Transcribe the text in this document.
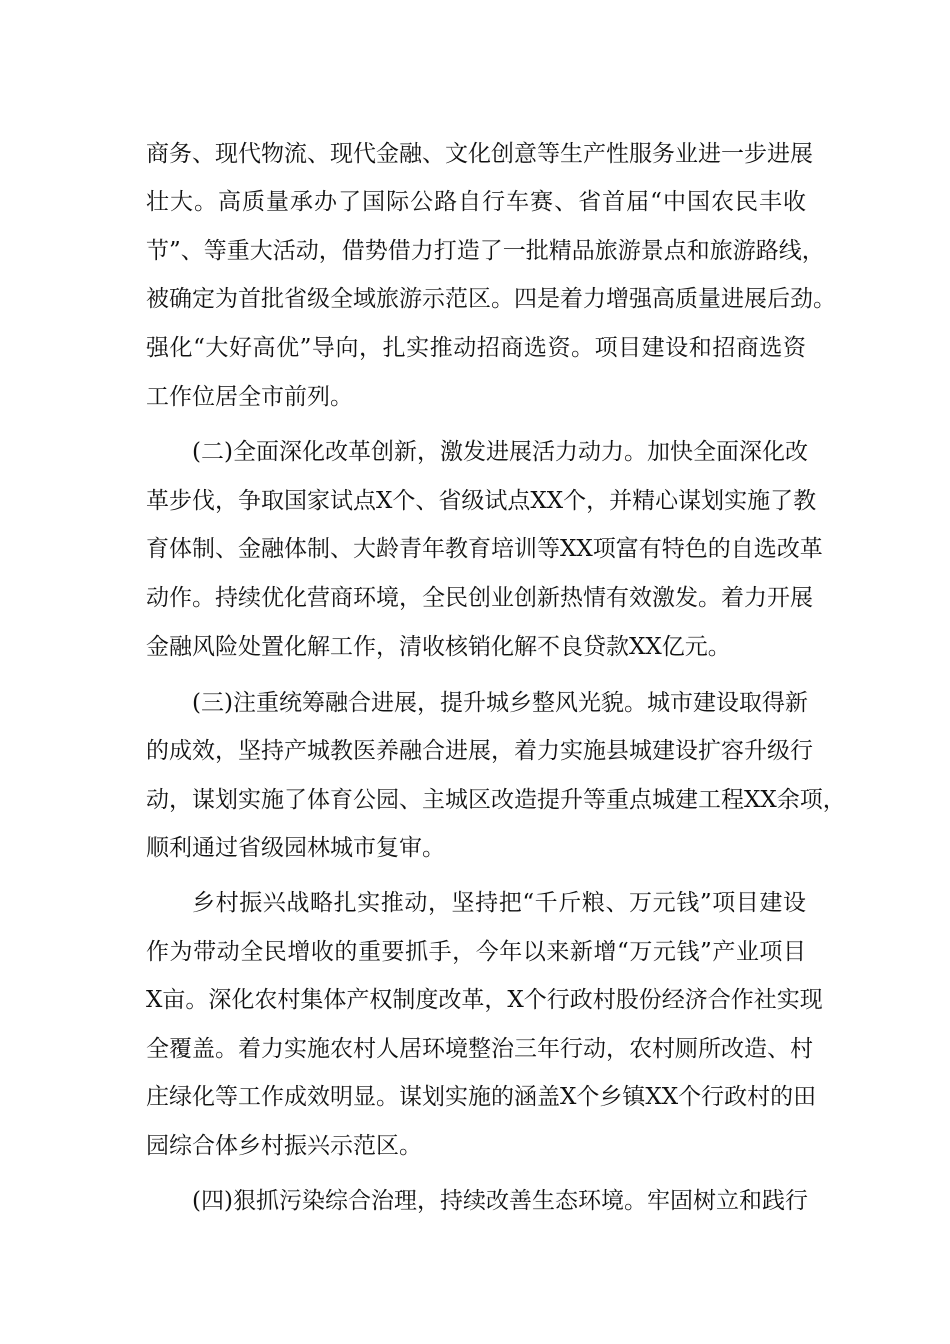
商务、现代物流、现代金融、文化创意等生产性服务业进一步进展
壮大。高质量承办了国际公路自行车赛、省首届“中国农民丰收
节”、等重大活动，借势借力打造了一批精品旅游景点和旅游路线，
被确定为首批省级全域旅游示范区。四是着力增强高质量进展后劲。
强化“大好高优”导向，扎实推动招商选资。项目建设和招商选资
工作位居全市前列。
(二)全面深化改革创新，激发进展活力动力。加快全面深化改
革步伐，争取国家试点X个、省级试点XX个，并精心谋划实施了教
育体制、金融体制、大龄青年教育培训等XX项富有特色的自选改革
动作。持续优化营商环境，全民创业创新热情有效激发。着力开展
金融风险处置化解工作，清收核销化解不良贷款XX亿元。
(三)注重统筹融合进展，提升城乡整风光貌。城市建设取得新
的成效，坚持产城教医养融合进展，着力实施县城建设扩容升级行
动，谋划实施了体育公园、主城区改造提升等重点城建工程XX余项，
顺利通过省级园林城市复审。
乡村振兴战略扎实推动，坚持把“千斤粮、万元钱”项目建设
作为带动全民增收的重要抓手，今年以来新增“万元钱”产业项目
X亩。深化农村集体产权制度改革，X个行政村股份经济合作社实现
全覆盖。着力实施农村人居环境整治三年行动，农村厕所改造、村
庄绿化等工作成效明显。谋划实施的涵盖X个乡镇XX个行政村的田
园综合体乡村振兴示范区。
(四)狠抓污染综合治理，持续改善生态环境。牢固树立和践行
